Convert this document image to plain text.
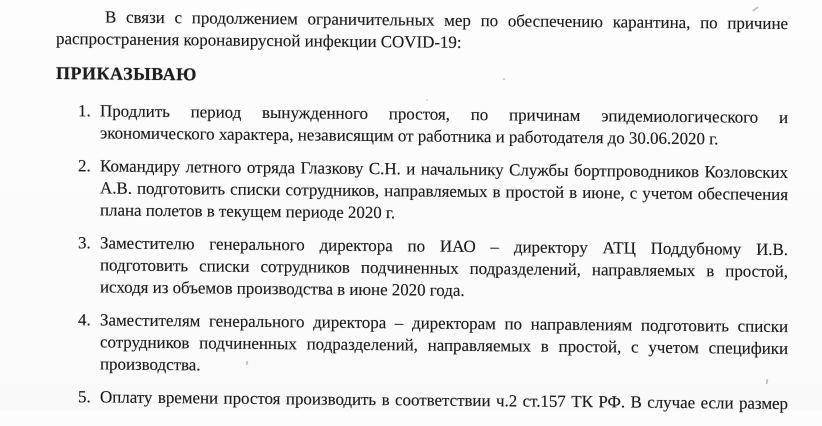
В связи с продолжением ограничительных мер по обеспечению карантина, по причине
распространения коронавирусной инфекции COVID-19:

ПРИКАЗЫВАЮ
1. Продлить период вынужденного простоя, по причинам эпидемиологического и
экономического характера, независящим от работника и работодателя до 30.06.2020 г.
2. Командиру летного отряда Глазкову С.Н. и начальнику Службы бортпроводников Козловских
А.В. подготовить списки сотрудников, направляемых в простой в июне, с учетом обеспечения
плана полетов в текущем периоде 2020 г.
3. Заместителю генерального директора по ИАО – директору АТЦ Поддубному И.В.
подготовить списки сотрудников подчиненных подразделений, направляемых в простой,
исходя из объемов производства в июне 2020 года.
4. Заместителям генерального директора – директорам по направлениям подготовить списки
сотрудников подчиненных подразделений, направляемых в простой, с учетом специфики
производства.
5. Оплату времени простоя производить в соответствии ч.2 ст.157 ТК РФ. В случае если размер
